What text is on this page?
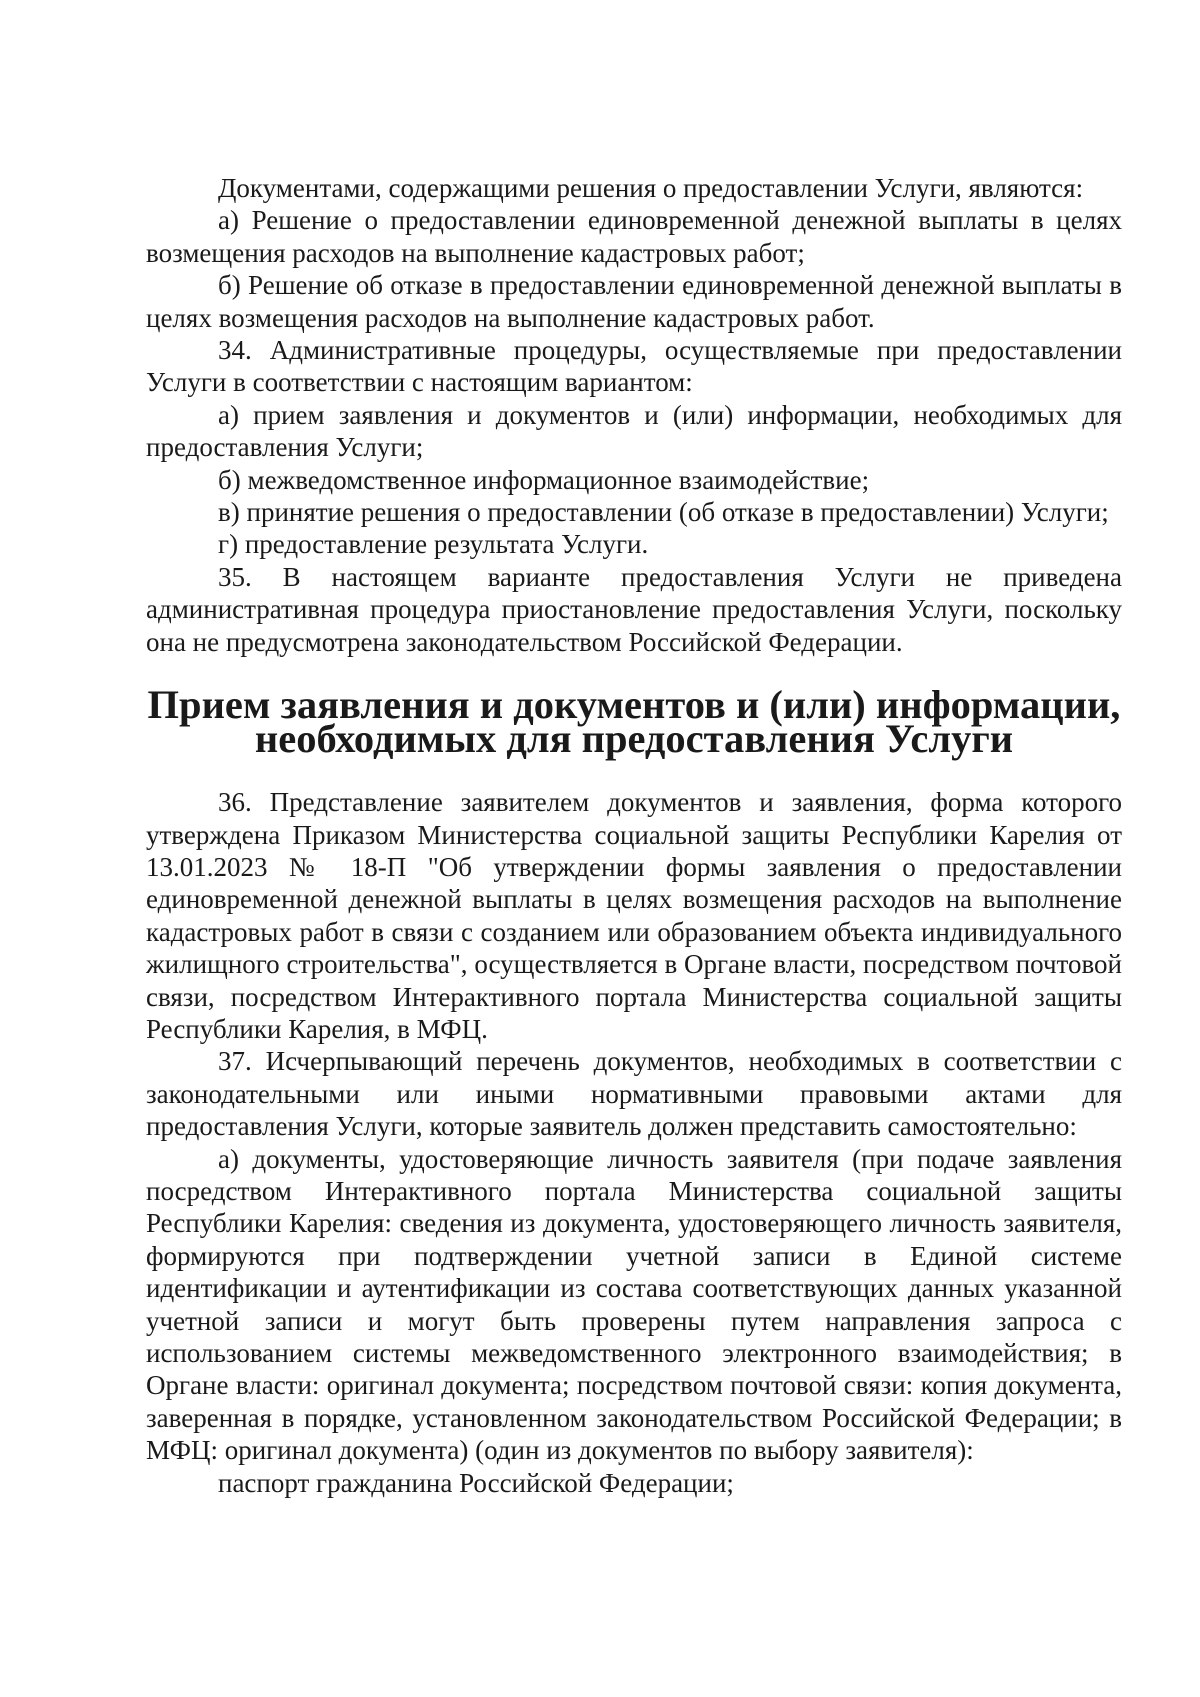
Документами, содержащими решения о предоставлении Услуги, являются:

а) Решение о предоставлении единовременной денежной выплаты в целях возмещения расходов на выполнение кадастровых работ;

б) Решение об отказе в предоставлении единовременной денежной выплаты в целях возмещения расходов на выполнение кадастровых работ.

34. Административные процедуры, осуществляемые при предоставлении Услуги в соответствии с настоящим вариантом:

а) прием заявления и документов и (или) информации, необходимых для предоставления Услуги;

б) межведомственное информационное взаимодействие;

в) принятие решения о предоставлении (об отказе в предоставлении) Услуги;

г) предоставление результата Услуги.

35. В настоящем варианте предоставления Услуги не приведена административная процедура приостановление предоставления Услуги, поскольку она не предусмотрена законодательством Российской Федерации.

Прием заявления и документов и (или) информации, необходимых для предоставления Услуги

36. Представление заявителем документов и заявления, форма которого утверждена Приказом Министерства социальной защиты Республики Карелия от 13.01.2023 № 18-П "Об утверждении формы заявления о предоставлении единовременной денежной выплаты в целях возмещения расходов на выполнение кадастровых работ в связи с созданием или образованием объекта индивидуального жилищного строительства", осуществляется в Органе власти, посредством почтовой связи, посредством Интерактивного портала Министерства социальной защиты Республики Карелия, в МФЦ.

37. Исчерпывающий перечень документов, необходимых в соответствии с законодательными или иными нормативными правовыми актами для предоставления Услуги, которые заявитель должен представить самостоятельно:

а) документы, удостоверяющие личность заявителя (при подаче заявления посредством Интерактивного портала Министерства социальной защиты Республики Карелия: сведения из документа, удостоверяющего личность заявителя, формируются при подтверждении учетной записи в Единой системе идентификации и аутентификации из состава соответствующих данных указанной учетной записи и могут быть проверены путем направления запроса с использованием системы межведомственного электронного взаимодействия; в Органе власти: оригинал документа; посредством почтовой связи: копия документа, заверенная в порядке, установленном законодательством Российской Федерации; в МФЦ: оригинал документа) (один из документов по выбору заявителя):

паспорт гражданина Российской Федерации;
